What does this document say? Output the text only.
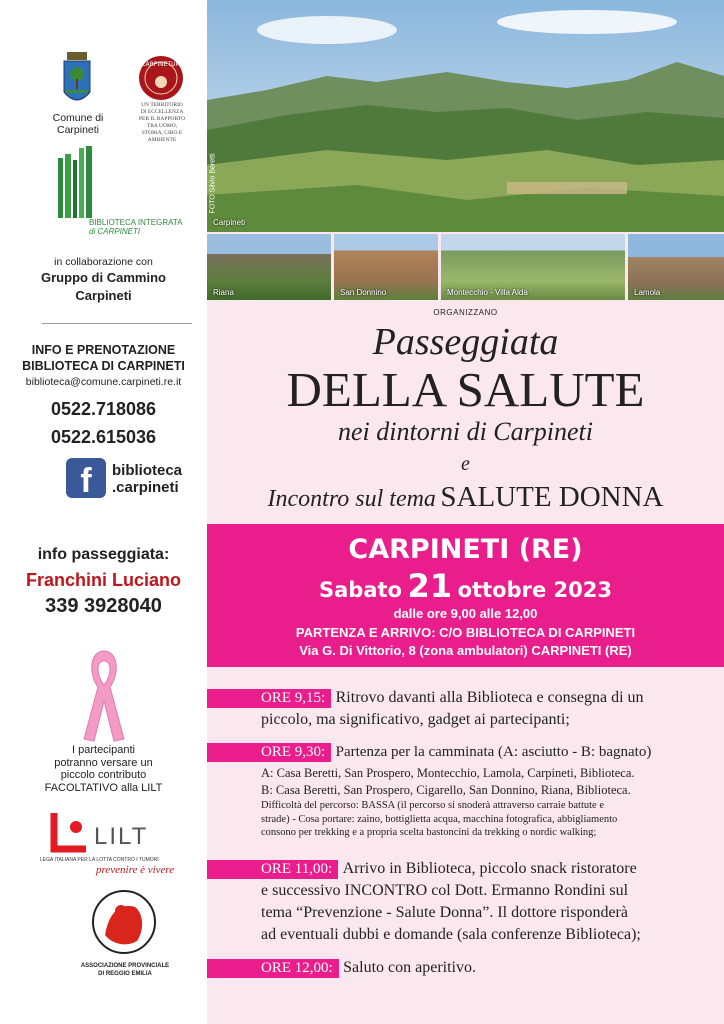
Comune di
Carpineti
CARPINETUM
UN TERRITORIO
DI ECCELLENZA
PER IL RAPPORTO
TRA UOMO,
STORIA, CIBO E
AMBIENTE
BIBLIOTECA INTEGRATA
di CARPINETI
in collaborazione con
Gruppo di Cammino
Carpineti
INFO E PRENOTAZIONE
BIBLIOTECA DI CARPINETI
biblioteca@comune.carpineti.re.it
0522.718086
0522.615036
f	biblioteca
.carpineti
Carpineti
FOTO Silvio Beretti
Riana	San Donnino	Montecchio - Villa Alda	Lamola
ORGANIZZANO
Passeggiata
DELLA SALUTE
nei dintorni di Carpineti
e
Incontro sul tema SALUTE DONNA
info passeggiata:
Franchini Luciano
339 3928040
CARPINETI (RE)
Sabato 21 ottobre 2023
dalle ore 9,00 alle 12,00
PARTENZA E ARRIVO: C/O BIBLIOTECA DI CARPINETI
Via G. Di Vittorio, 8 (zona ambulatori) CARPINETI (RE)
I partecipanti
potranno versare un
piccolo contributo
FACOLTATIVO alla LILT
LILT
LEGA ITALIANA PER LA LOTTA CONTRO I TUMORI
prevenire è vivere
ASSOCIAZIONE PROVINCIALE
DI REGGIO EMILIA
ORE 9,15: Ritrovo davanti alla Biblioteca e consegna di un
piccolo, ma significativo, gadget ai partecipanti;
ORE 9,30: Partenza per la camminata (A: asciutto - B: bagnato)
A: Casa Beretti, San Prospero, Montecchio, Lamola, Carpineti, Biblioteca.
B: Casa Beretti, San Prospero, Cigarello, San Donnino, Riana, Biblioteca.
Difficoltà del percorso: BASSA (il percorso si snoderà attraverso carraie battute e
strade) - Cosa portare: zaino, bottiglietta acqua, macchina fotografica, abbigliamento
consono per trekking e a propria scelta bastoncini da trekking o nordic walking;
ORE 11,00: Arrivo in Biblioteca, piccolo snack ristoratore
e successivo INCONTRO col Dott. Ermanno Rondini sul
tema “Prevenzione - Salute Donna”. Il dottore risponderà
ad eventuali dubbi e domande (sala conferenze Biblioteca);
ORE 12,00: Saluto con aperitivo.
